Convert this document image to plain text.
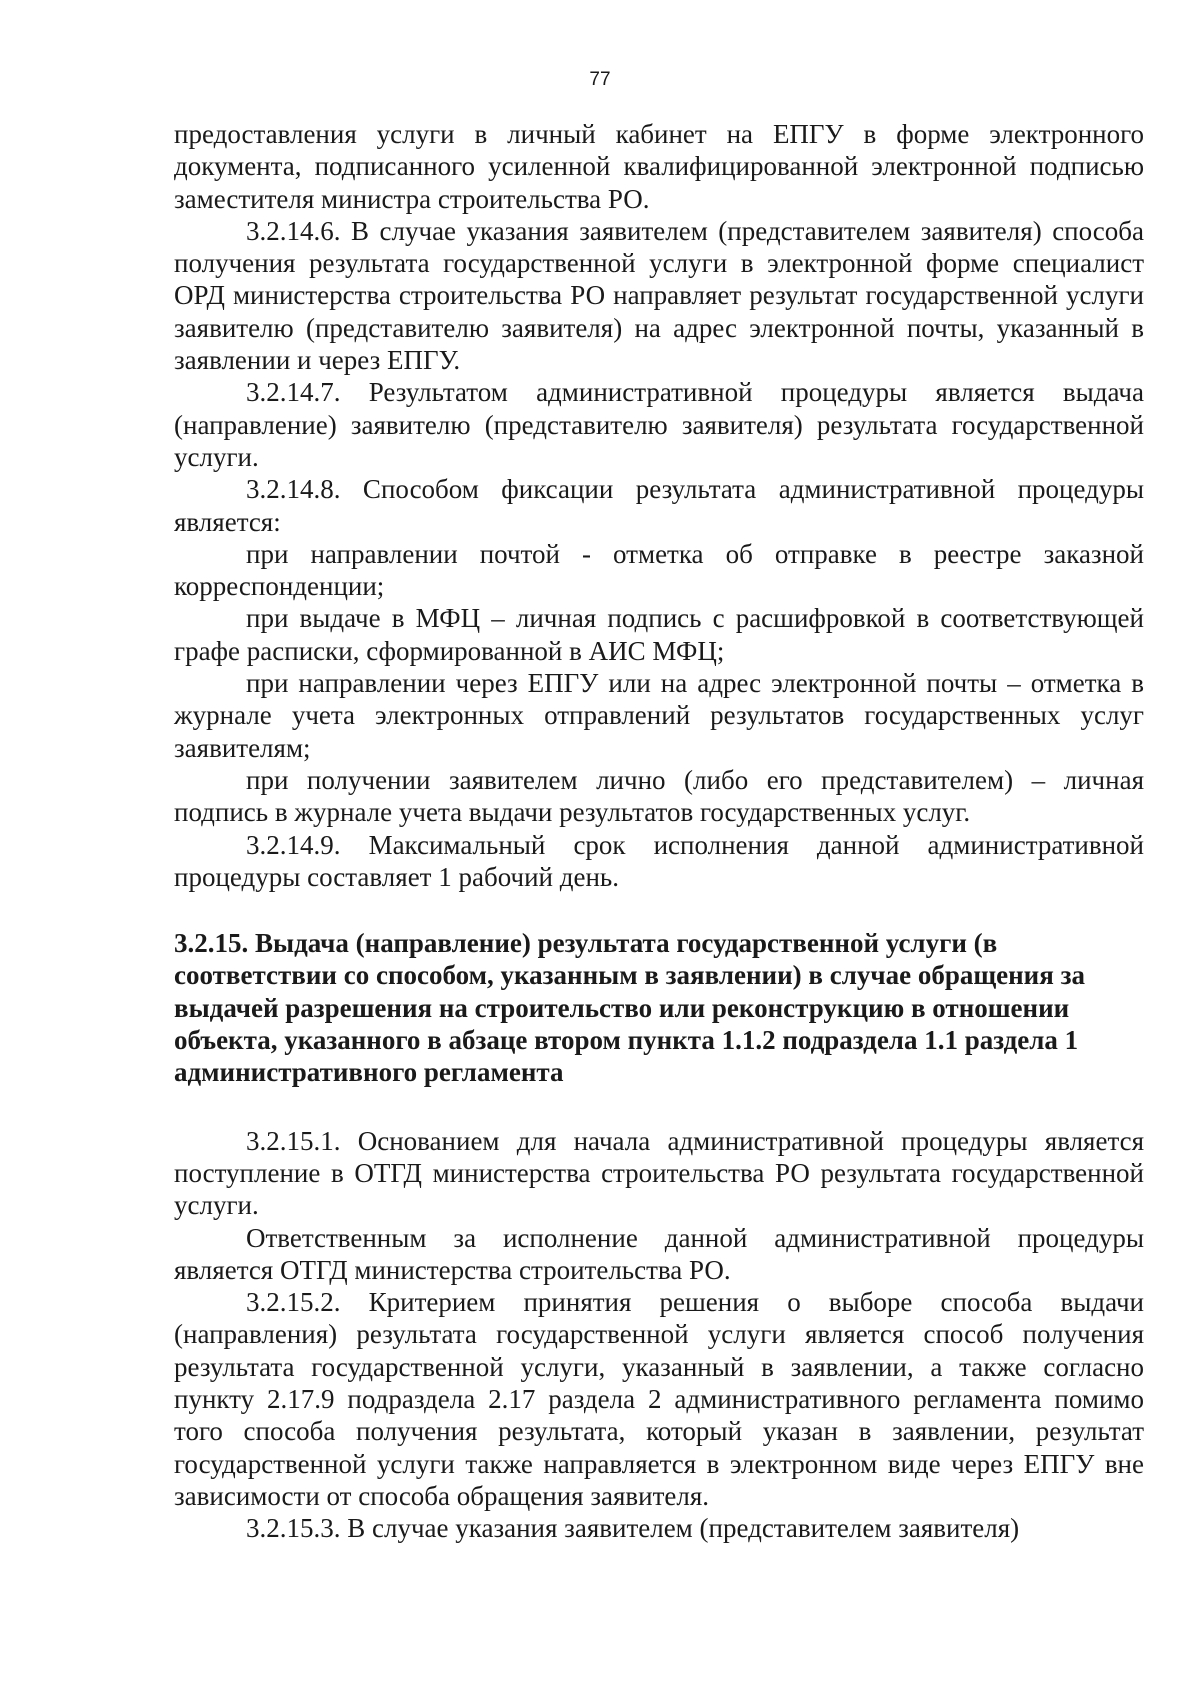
77

предоставления услуги в личный кабинет на ЕПГУ в форме электронного документа, подписанного усиленной квалифицированной электронной подписью заместителя министра строительства РО.

3.2.14.6. В случае указания заявителем (представителем заявителя) способа получения результата государственной услуги в электронной форме специалист ОРД министерства строительства РО направляет результат государственной услуги заявителю (представителю заявителя) на адрес электронной почты, указанный в заявлении и через ЕПГУ.

3.2.14.7. Результатом административной процедуры является выдача (направление) заявителю (представителю заявителя) результата государственной услуги.

3.2.14.8. Способом фиксации результата административной процедуры является:

при направлении почтой - отметка об отправке в реестре заказной корреспонденции;

при выдаче в МФЦ – личная подпись с расшифровкой в соответствующей графе расписки, сформированной в АИС МФЦ;

при направлении через ЕПГУ или на адрес электронной почты – отметка в журнале учета электронных отправлений результатов государственных услуг заявителям;

при получении заявителем лично (либо его представителем) – личная подпись в журнале учета выдачи результатов государственных услуг.

3.2.14.9. Максимальный срок исполнения данной административной процедуры составляет 1 рабочий день.

3.2.15. Выдача (направление) результата государственной услуги (в

соответствии со способом, указанным в заявлении) в случае обращения за

выдачей разрешения на строительство или реконструкцию в отношении

объекта, указанного в абзаце втором пункта 1.1.2 подраздела 1.1 раздела 1

административного регламента

3.2.15.1. Основанием для начала административной процедуры является поступление в ОТГД министерства строительства РО результата государственной услуги.

Ответственным за исполнение данной административной процедуры является ОТГД министерства строительства РО.

3.2.15.2. Критерием принятия решения о выборе способа выдачи (направления) результата государственной услуги является способ получения результата государственной услуги, указанный в заявлении, а также согласно пункту 2.17.9 подраздела 2.17 раздела 2 административного регламента помимо того способа получения результата, который указан в заявлении, результат государственной услуги также направляется в электронном виде через ЕПГУ вне зависимости от способа обращения заявителя.

3.2.15.3. В случае указания заявителем (представителем заявителя)
